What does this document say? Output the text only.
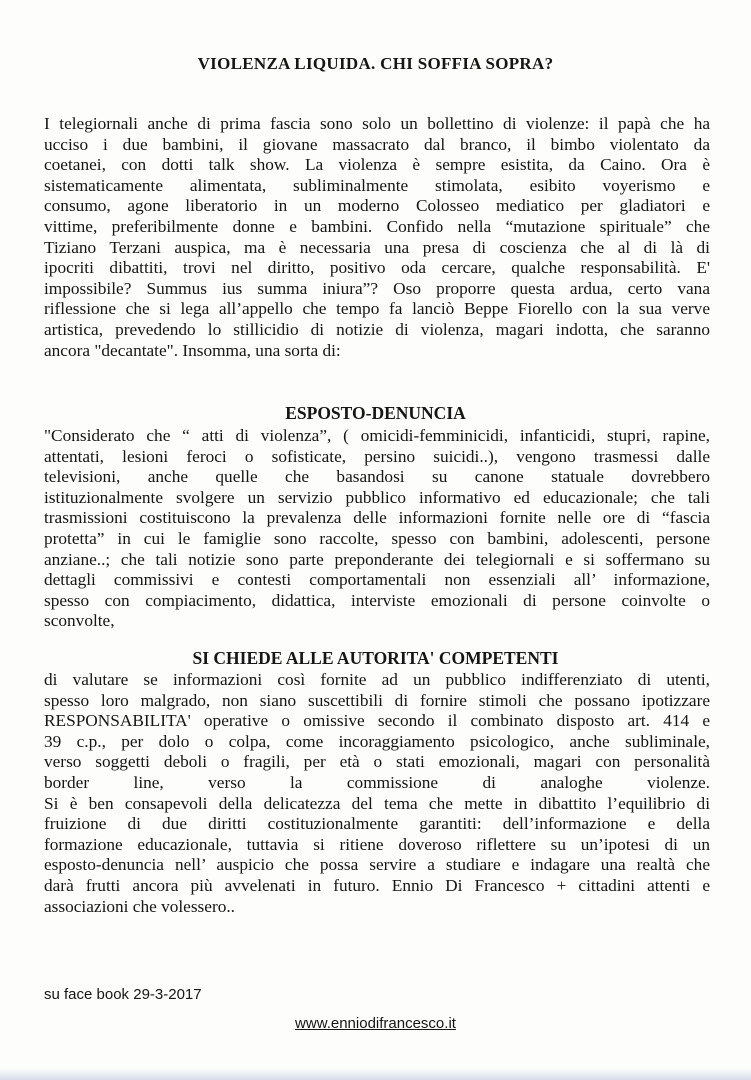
VIOLENZA LIQUIDA. CHI SOFFIA SOPRA?
I telegiornali anche di prima fascia sono solo un bollettino di violenze: il papà che ha
ucciso i due bambini, il giovane massacrato dal branco, il bimbo violentato da
coetanei, con dotti talk show. La violenza è sempre esistita, da Caino. Ora è
sistematicamente alimentata, subliminalmente stimolata, esibito voyerismo e
consumo, agone liberatorio in un moderno Colosseo mediatico per gladiatori e
vittime, preferibilmente donne e bambini. Confido nella “mutazione spirituale” che
Tiziano Terzani auspica, ma è necessaria una presa di coscienza che al di là di
ipocriti dibattiti, trovi nel diritto, positivo oda cercare, qualche responsabilità. E'
impossibile? Summus ius summa iniura”? Oso proporre questa ardua, certo vana
riflessione che si lega all’appello che tempo fa lanciò Beppe Fiorello con la sua verve
artistica, prevedendo lo stillicidio di notizie di violenza, magari indotta, che saranno
ancora "decantate". Insomma, una sorta di:
ESPOSTO-DENUNCIA
"Considerato che “ atti di violenza”, ( omicidi-femminicidi, infanticidi, stupri, rapine,
attentati, lesioni feroci o sofisticate, persino suicidi..), vengono trasmessi dalle
televisioni, anche quelle che basandosi su canone statuale dovrebbero
istituzionalmente svolgere un servizio pubblico informativo ed educazionale; che tali
trasmissioni costituiscono la prevalenza delle informazioni fornite nelle ore di “fascia
protetta” in cui le famiglie sono raccolte, spesso con bambini, adolescenti, persone
anziane..; che tali notizie sono parte preponderante dei telegiornali e si soffermano su
dettagli commissivi e contesti comportamentali non essenziali all’ informazione,
spesso con compiacimento, didattica, interviste emozionali di persone coinvolte o
sconvolte,
SI CHIEDE ALLE AUTORITA' COMPETENTI
di valutare se informazioni così fornite ad un pubblico indifferenziato di utenti,
spesso loro malgrado, non siano suscettibili di fornire stimoli che possano ipotizzare
RESPONSABILITA' operative o omissive secondo il combinato disposto art. 414 e
39 c.p., per dolo o colpa, come incoraggiamento psicologico, anche subliminale,
verso soggetti deboli o fragili, per età o stati emozionali, magari con personalità
border line, verso la commissione di analoghe violenze.
Si è ben consapevoli della delicatezza del tema che mette in dibattito l’equilibrio di
fruizione di due diritti costituzionalmente garantiti: dell’informazione e della
formazione educazionale, tuttavia si ritiene doveroso riflettere su un’ipotesi di un
esposto-denuncia nell’ auspicio che possa servire a studiare e indagare una realtà che
darà frutti ancora più avvelenati in futuro. Ennio Di Francesco + cittadini attenti e
associazioni che volessero..
su face book 29-3-2017
www.enniodifrancesco.it
